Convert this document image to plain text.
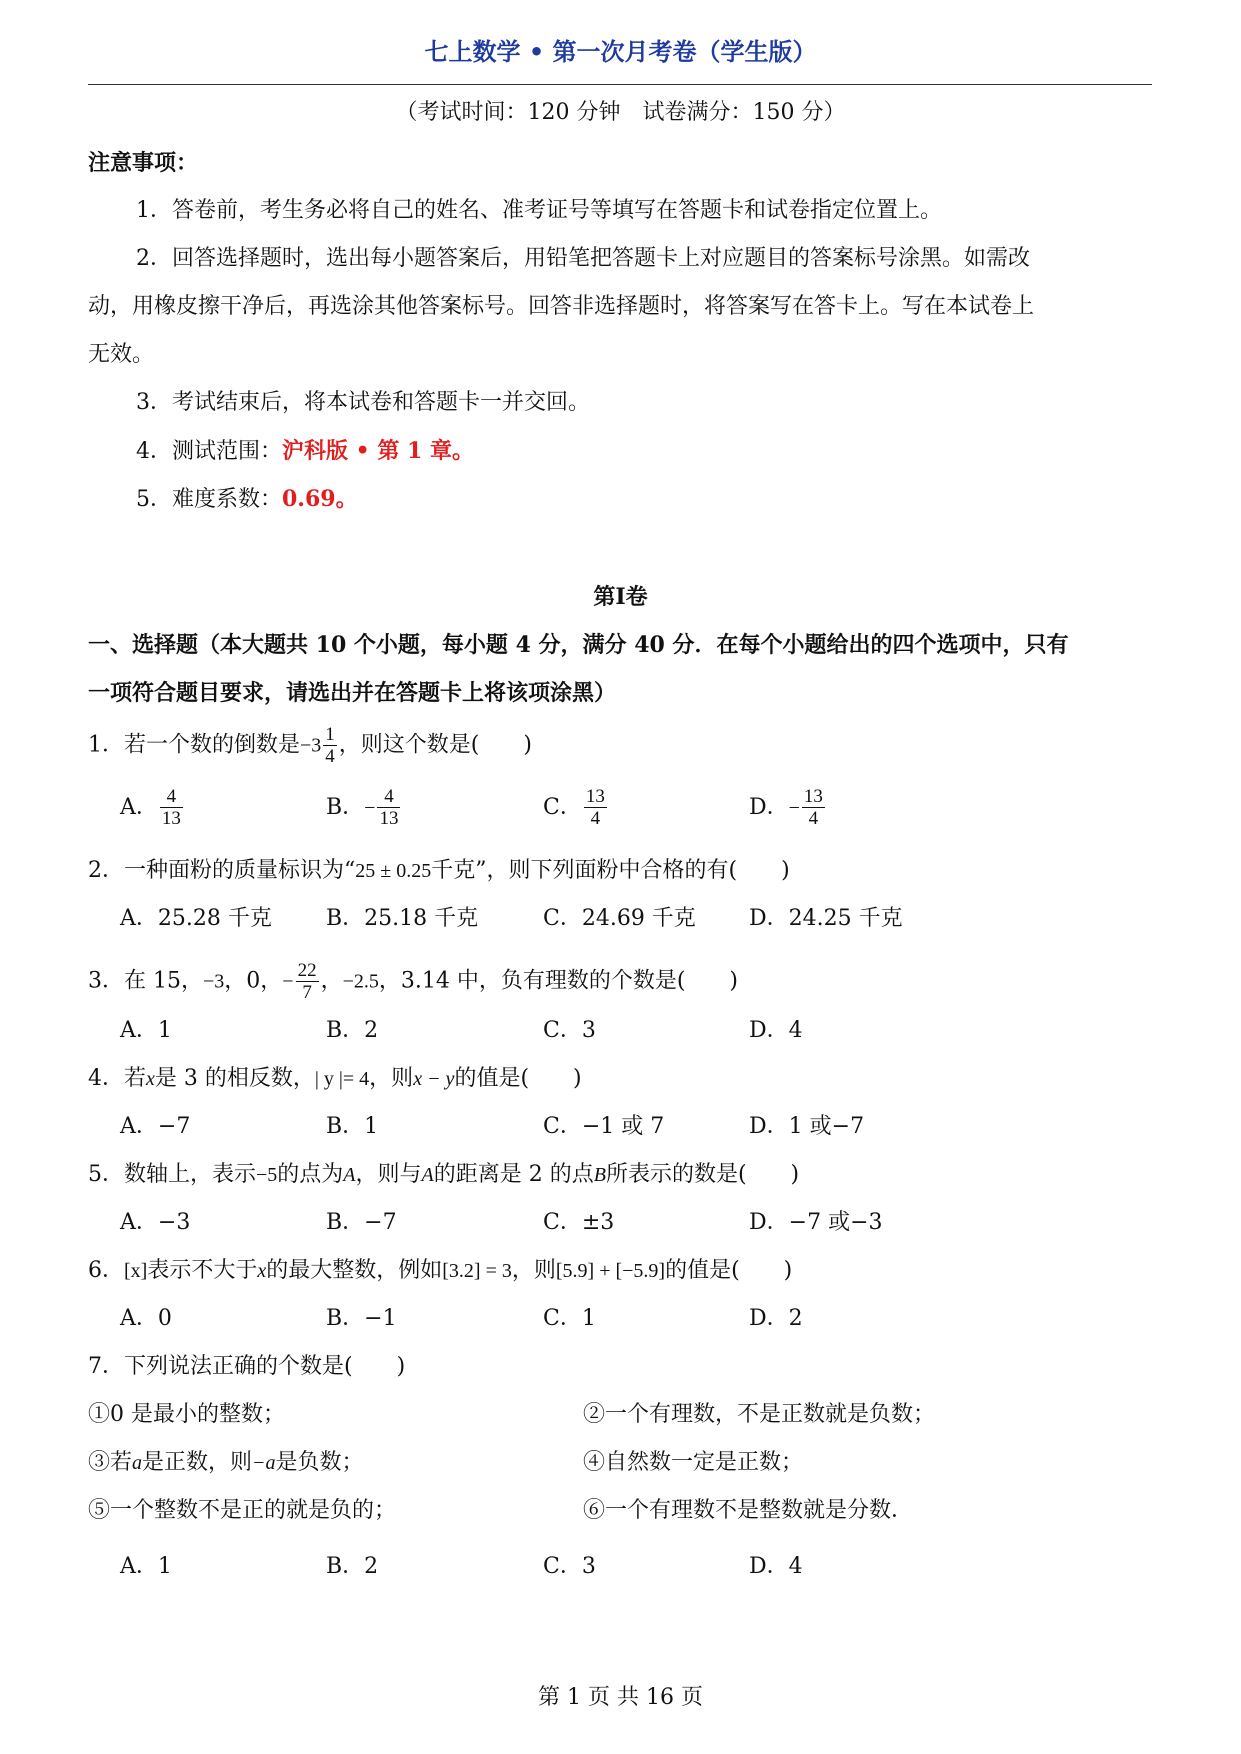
七上数学 • 第一次月考卷（学生版）
（考试时间：120 分钟　试卷满分：150 分）
注意事项：
1．答卷前，考生务必将自己的姓名、准考证号等填写在答题卡和试卷指定位置上。
2．回答选择题时，选出每小题答案后，用铅笔把答题卡上对应题目的答案标号涂黑。如需改
动，用橡皮擦干净后，再选涂其他答案标号。回答非选择题时，将答案写在答卡上。写在本试卷上
无效。
3．考试结束后，将本试卷和答题卡一并交回。
4．测试范围：沪科版 • 第 1 章。
5．难度系数：0.69。
第I卷
一、选择题（本大题共 10 个小题，每小题 4 分，满分 40 分．在每个小题给出的四个选项中，只有
一项符合题目要求，请选出并在答题卡上将该项涂黑）
1．若一个数的倒数是$-3 \frac{1}{4}$ ，则这个数是(　　)
A． $\frac{4}{13}$	B．− $\frac{4}{13}$	C． $\frac{13}{4}$	D．− $\frac{13}{4}$
2．一种面粉的质量标识为“25 ± 0.25千克”，则下列面粉中合格的有(　　)
A．25.28 千克 B．25.18 千克	C．24.69 千克 D．24.25 千克
3．在 15，−3，0，− $\frac{22}{7}$ ，−2.5，3.14 中，负有理数的个数是(　　)
A．1	B．2	C．3	D．4
4．若x是 3 的相反数，| y |= 4，则x − y的值是(　　)
A．−7	B．1	C．−1 或 7	D．1 或−7
5．数轴上，表示−5的点为A，则与A的距离是 2 的点B所表示的数是(　　)
A．−3	B．−7	C．±3	D．−7 或−3
6．[x]表示不大于x的最大整数，例如[3.2] = 3，则[5.9] + [−5.9]的值是(　　)
A．0	B．−1	C．1	D．2
7．下列说法正确的个数是(　　)
①0 是最小的整数；	②一个有理数，不是正数就是负数；
③若a是正数，则−a是负数；	④自然数一定是正数；
⑤一个整数不是正的就是负的；	⑥一个有理数不是整数就是分数．
A．1	B．2	C．3	D．4
第 1 页 共 16 页
